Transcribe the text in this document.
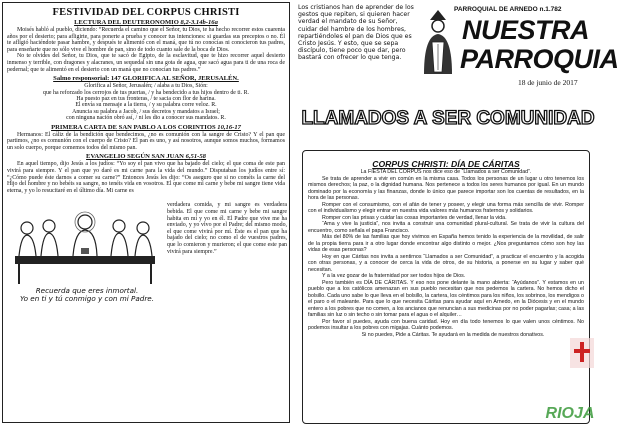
FESTIVIDAD DEL CORPUS CHRISTI
LECTURA DEL DEUTERONOMIO 8,2-3.14b-16a
Moisés habló al pueblo, diciendo: “Recuerda el camino que el Señor, tu Dios, te ha hecho recorrer estos cuarenta años por el desierto; para afligirte, para ponerte a prueba y conocer tus intenciones: si guardas sus preceptos o no. Él te afligió haciéndote pasar hambre, y después te alimentó con el maná, que tú no conocías ni conocieron tus padres, para enseñarte que no sólo vive el hombre de pan, sino de todo cuanto sale de la boca de Dios.
No te olvides del Señor, tu Dios, que te sacó de Egipto, de la esclavitud, que te hizo recorrer aquel desierto inmenso y terrible, con dragones y alacranes, un sequedal sin una gota de agua, que sacó agua para ti de una roca de pedernal; que te alimentó en el desierto con un maná que no conocían tus padres.”
Salmo responsorial: 147 GLORIFICA AL SEÑOR, JERUSALÉN.
Glorifica al Señor, Jerusalén; / alaba a tu Dios, Sión:
que ha reforzado los cerrojos de tus puertas, / y ha bendecido a tus hijos dentro de ti. R.
Ha puesto paz en tus fronteras, / te sacia con flor de harina.
El envía su mensaje a la tierra, / y su palabra corre veloz. R.
Anuncia su palabra a Jacob, / sus decretos y mandatos a Israel;
con ninguna nación obró así, / ni les dio a conocer sus mandatos. R.
PRIMERA CARTA DE SAN PABLO A LOS CORINTIOS 10,16-17
Hermanos: El cáliz de la bendición que bendecimos, ¿no es comunión con la sangre de Cristo? Y el pan que partimos, ¿no es comunión con el cuerpo de Cristo? El pan es uno, y así nosotros, aunque somos muchos, formamos un solo cuerpo, porque comemos todos del mismo pan.
EVANGELIO SEGÚN SAN JUAN 6,51-58
En aquel tiempo, dijo Jesús a los judíos: “Yo soy el pan vivo que ha bajado del cielo; el que coma de este pan vivirá para siempre. Y el pan que yo daré es mi carne para la vida del mundo.” Disputaban los judíos entre sí: “¿Cómo puede éste darnos a comer su carne?” Entonces Jesús les dijo: “Os aseguro que si no coméis la carne del Hijo del hombre y no bebéis su sangre, no tenéis vida en vosotros. El que come mi carne y bebe mi sangre tiene vida eterna, y yo lo resucitaré en el último día. Mi carne es
Recuerda que eres inmortal.
Yo en ti y tú conmigo y con mi Padre.
verdadera comida, y mi sangre es verdadera bebida. El que come mi carne y bebe mi sangre habita en mí y yo en él. El Padre que vive me ha enviado, y yo vivo por el Padre; del mismo modo, el que come vivirá por mí. Éste es el pan que ha bajado del cielo; no como el de vuestros padres, que lo comieron y murieron; el que come este pan vivirá para siempre.”
Los cristianos han de aprender de los gestos que repiten, si quieren hacer verdad el mandato de su Señor, cuidar del hambre de los hombres, repartiéndoles el pan de Dios que es Cristo Jesús. Y esto, que se sepa discípulo, tiene poco que dar, pero bastará con ofrecer lo que tenga.
PARROQUIAL DE ARNEDO n.1.782
NUESTRA
PARROQUIA
18 de junio de 2017
LLAMADOS A SER COMUNIDAD
CORPUS CHRISTI: DÍA DE CÁRITAS
La FIESTA DEL CORPUS nos dice eso de “Llamados a ser Comunidad”.
Se trata de aprender a vivir en común en la misma casa. Todos los personas de un lugar u otro tenemos los mismos derechos; la paz, o la dignidad humana. Nos pertenece a todos los seres humanos por igual. En un mundo dominado por la economía y las finanzas, donde lo único que parece importar son los cuentas de resultados, en la hora de las personas.
Romper con el consumismo, con el afán de tener y poseer, y elegir una forma más sencilla de vivir. Romper con el individualismo y elegir entrar en nuestra vida valores más humanos fraternos y solidarios.
Romper con las prisas y cuidar las cosas importantes de verdad, llenar la vida.
“Ama y vive la justicia”, nos invita a construir una comunidad plural-cultural. Se trata de vivir la cultura del encuentro, como señala el papa Francisco.
Más del 80% de las familias que hoy vivimos en España hemos tenido la experiencia de la movilidad, de salir de la propia tierra para ir a otro lugar donde encontrar algo distinto o mejor. ¿Nos preguntamos cómo son hoy las vidas de esas personas?
Hoy en que Cáritas nos invita a sentirnos “Llamados a ser Comunidad”, a practicar el encuentro y la acogida con otras personas, y a conocer de cerca la vida de otros, de su historia, a ponerse en su lugar y saber qué necesitan.
Y a la vez gozar de la fraternidad por ser todos hijos de Dios.
Pero también es DÍA DE CÁRITAS. Y eso nos pone delante la mano abierta: “Ayúdanos”. Y estamos en un pueblo que a los católicos amenazan en sus pueblo necesitan que nos pedemos la cartera. No hemos dicho el bolsillo. Cada uno sabe lo que lleva en el bolsillo, la cartera, los céntimos para los niños, los sobrinos, los mendigos o el paro o el maleante. Para que lo que necesita Cáritas para ayudar aquí en Arnedo, en la Diócesis y en el mundo entero a los pobres que no comen, a los ancianos que renuncian a sus medicinas por no poder pagarlas; casa; a las familias sin luz o sin techo o sin tomar para el agua o el alquiler…
Por favor sí puedes, ayuda con buena caridad. Hoy en día todo tenemos lo que valen unos céntimos. No podemos insultar a los pobres con migajas. Cuánto podemos.
Si no puedes, Pide a Cáritas. Te ayudará en la medida de nuestros donativos.
RIOJA
